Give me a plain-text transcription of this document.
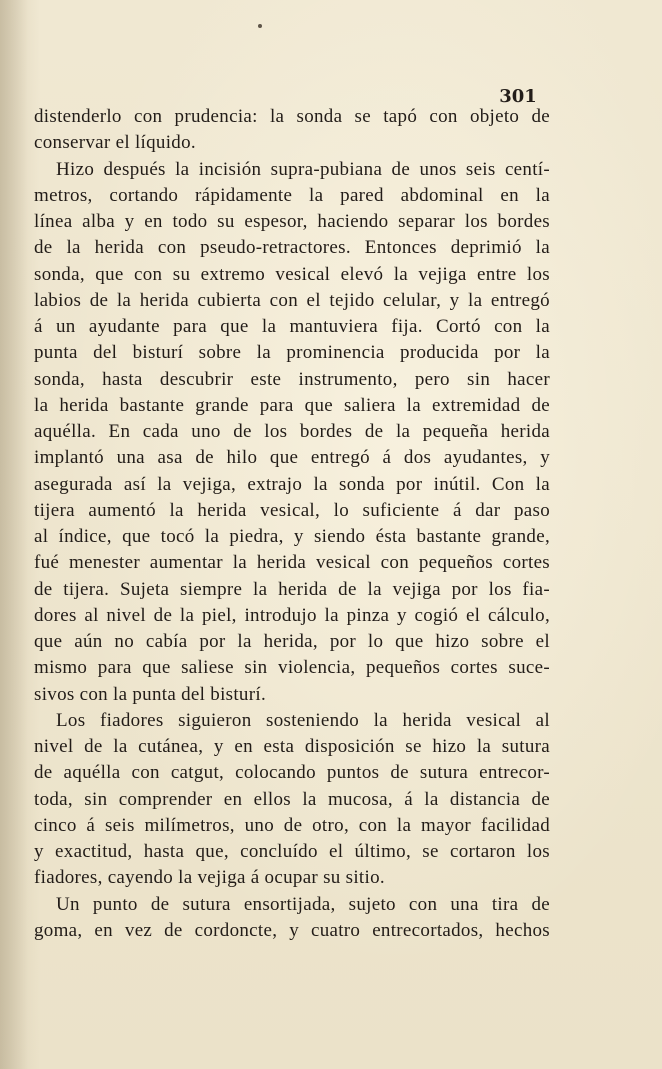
301
distenderlo con prudencia: la sonda se tapó con objeto de
conservar el líquido.
Hizo después la incisión supra-pubiana de unos seis centí-
metros, cortando rápidamente la pared abdominal en la
línea alba y en todo su espesor, haciendo separar los bordes
de la herida con pseudo-retractores. Entonces deprimió la
sonda, que con su extremo vesical elevó la vejiga entre los
labios de la herida cubierta con el tejido celular, y la entregó
á un ayudante para que la mantuviera fija. Cortó con la
punta del bisturí sobre la prominencia producida por la
sonda, hasta descubrir este instrumento, pero sin hacer
la herida bastante grande para que saliera la extremidad de
aquélla. En cada uno de los bordes de la pequeña herida
implantó una asa de hilo que entregó á dos ayudantes, y
asegurada así la vejiga, extrajo la sonda por inútil. Con la
tijera aumentó la herida vesical, lo suficiente á dar paso
al índice, que tocó la piedra, y siendo ésta bastante grande,
fué menester aumentar la herida vesical con pequeños cortes
de tijera. Sujeta siempre la herida de la vejiga por los fia-
dores al nivel de la piel, introdujo la pinza y cogió el cálculo,
que aún no cabía por la herida, por lo que hizo sobre el
mismo para que saliese sin violencia, pequeños cortes suce-
sivos con la punta del bisturí.
Los fiadores siguieron sosteniendo la herida vesical al
nivel de la cutánea, y en esta disposición se hizo la sutura
de aquélla con catgut, colocando puntos de sutura entrecor-
toda, sin comprender en ellos la mucosa, á la distancia de
cinco á seis milímetros, uno de otro, con la mayor facilidad
y exactitud, hasta que, concluído el último, se cortaron los
fiadores, cayendo la vejiga á ocupar su sitio.
Un punto de sutura ensortijada, sujeto con una tira de
goma, en vez de cordoncte, y cuatro entrecortados, hechos
